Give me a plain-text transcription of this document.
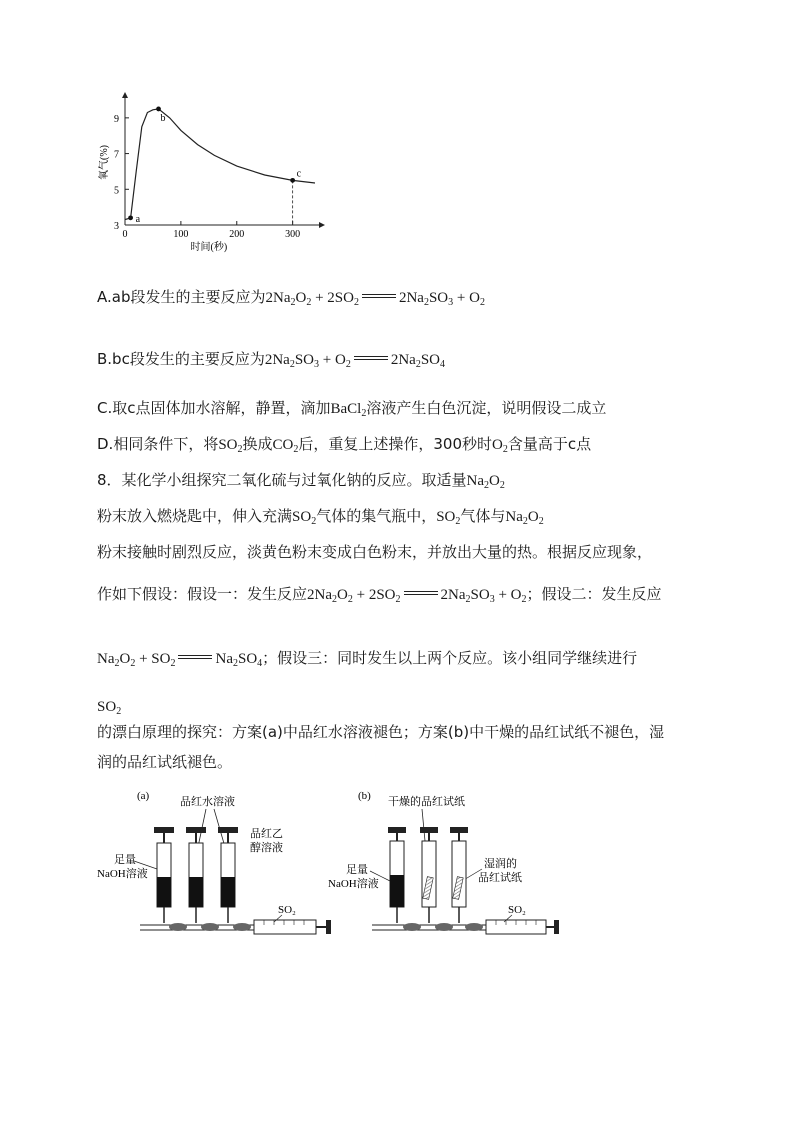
0	100	200	300
3
5
7
9
时间(秒)
氧气(%)
a
b
c
A.ab段发生的主要反应为$2Na_2O_2 + 2SO_2$	$2Na_2SO_3 + O_2$
B.bc段发生的主要反应为$2Na_2SO_3 + O_2$	$2Na_2SO_4$
C.取c点固体加水溶解，静置，滴加BaCl$_2$溶液产生白色沉淀，说明假设二成立
D.相同条件下，将$SO_2$换成$CO_2$后，重复上述操作，300秒时$O_2$含量高于c点
8．某化学小组探究二氧化硫与过氧化钠的反应。取适量$Na_2O_2$
粉末放入燃烧匙中，伸入充满$SO_2$气体的集气瓶中，$SO_2$气体与$Na_2O_2$
粉末接触时剧烈反应，淡黄色粉末变成白色粉末，并放出大量的热。根据反应现象，
作如下假设：假设一：发生反应$2Na_2O_2 + 2SO_2$	$2Na_2SO_3 + O_2$；假设二：发生反应
$Na_2O_2 + SO_2$	$Na_2SO_4$；假设三：同时发生以上两个反应。该小组同学继续进行
$SO_2$
的漂白原理的探究：方案(a)中品红水溶液褪色；方案(b)中干燥的品红试纸不褪色，湿
润的品红试纸褪色。
(a)	品红水溶液
足量
NaOH溶液
品红乙
醇溶液
SO₂
(b) 干燥的品红试纸
足量
NaOH溶液
湿润的
品红试纸
SO₂
